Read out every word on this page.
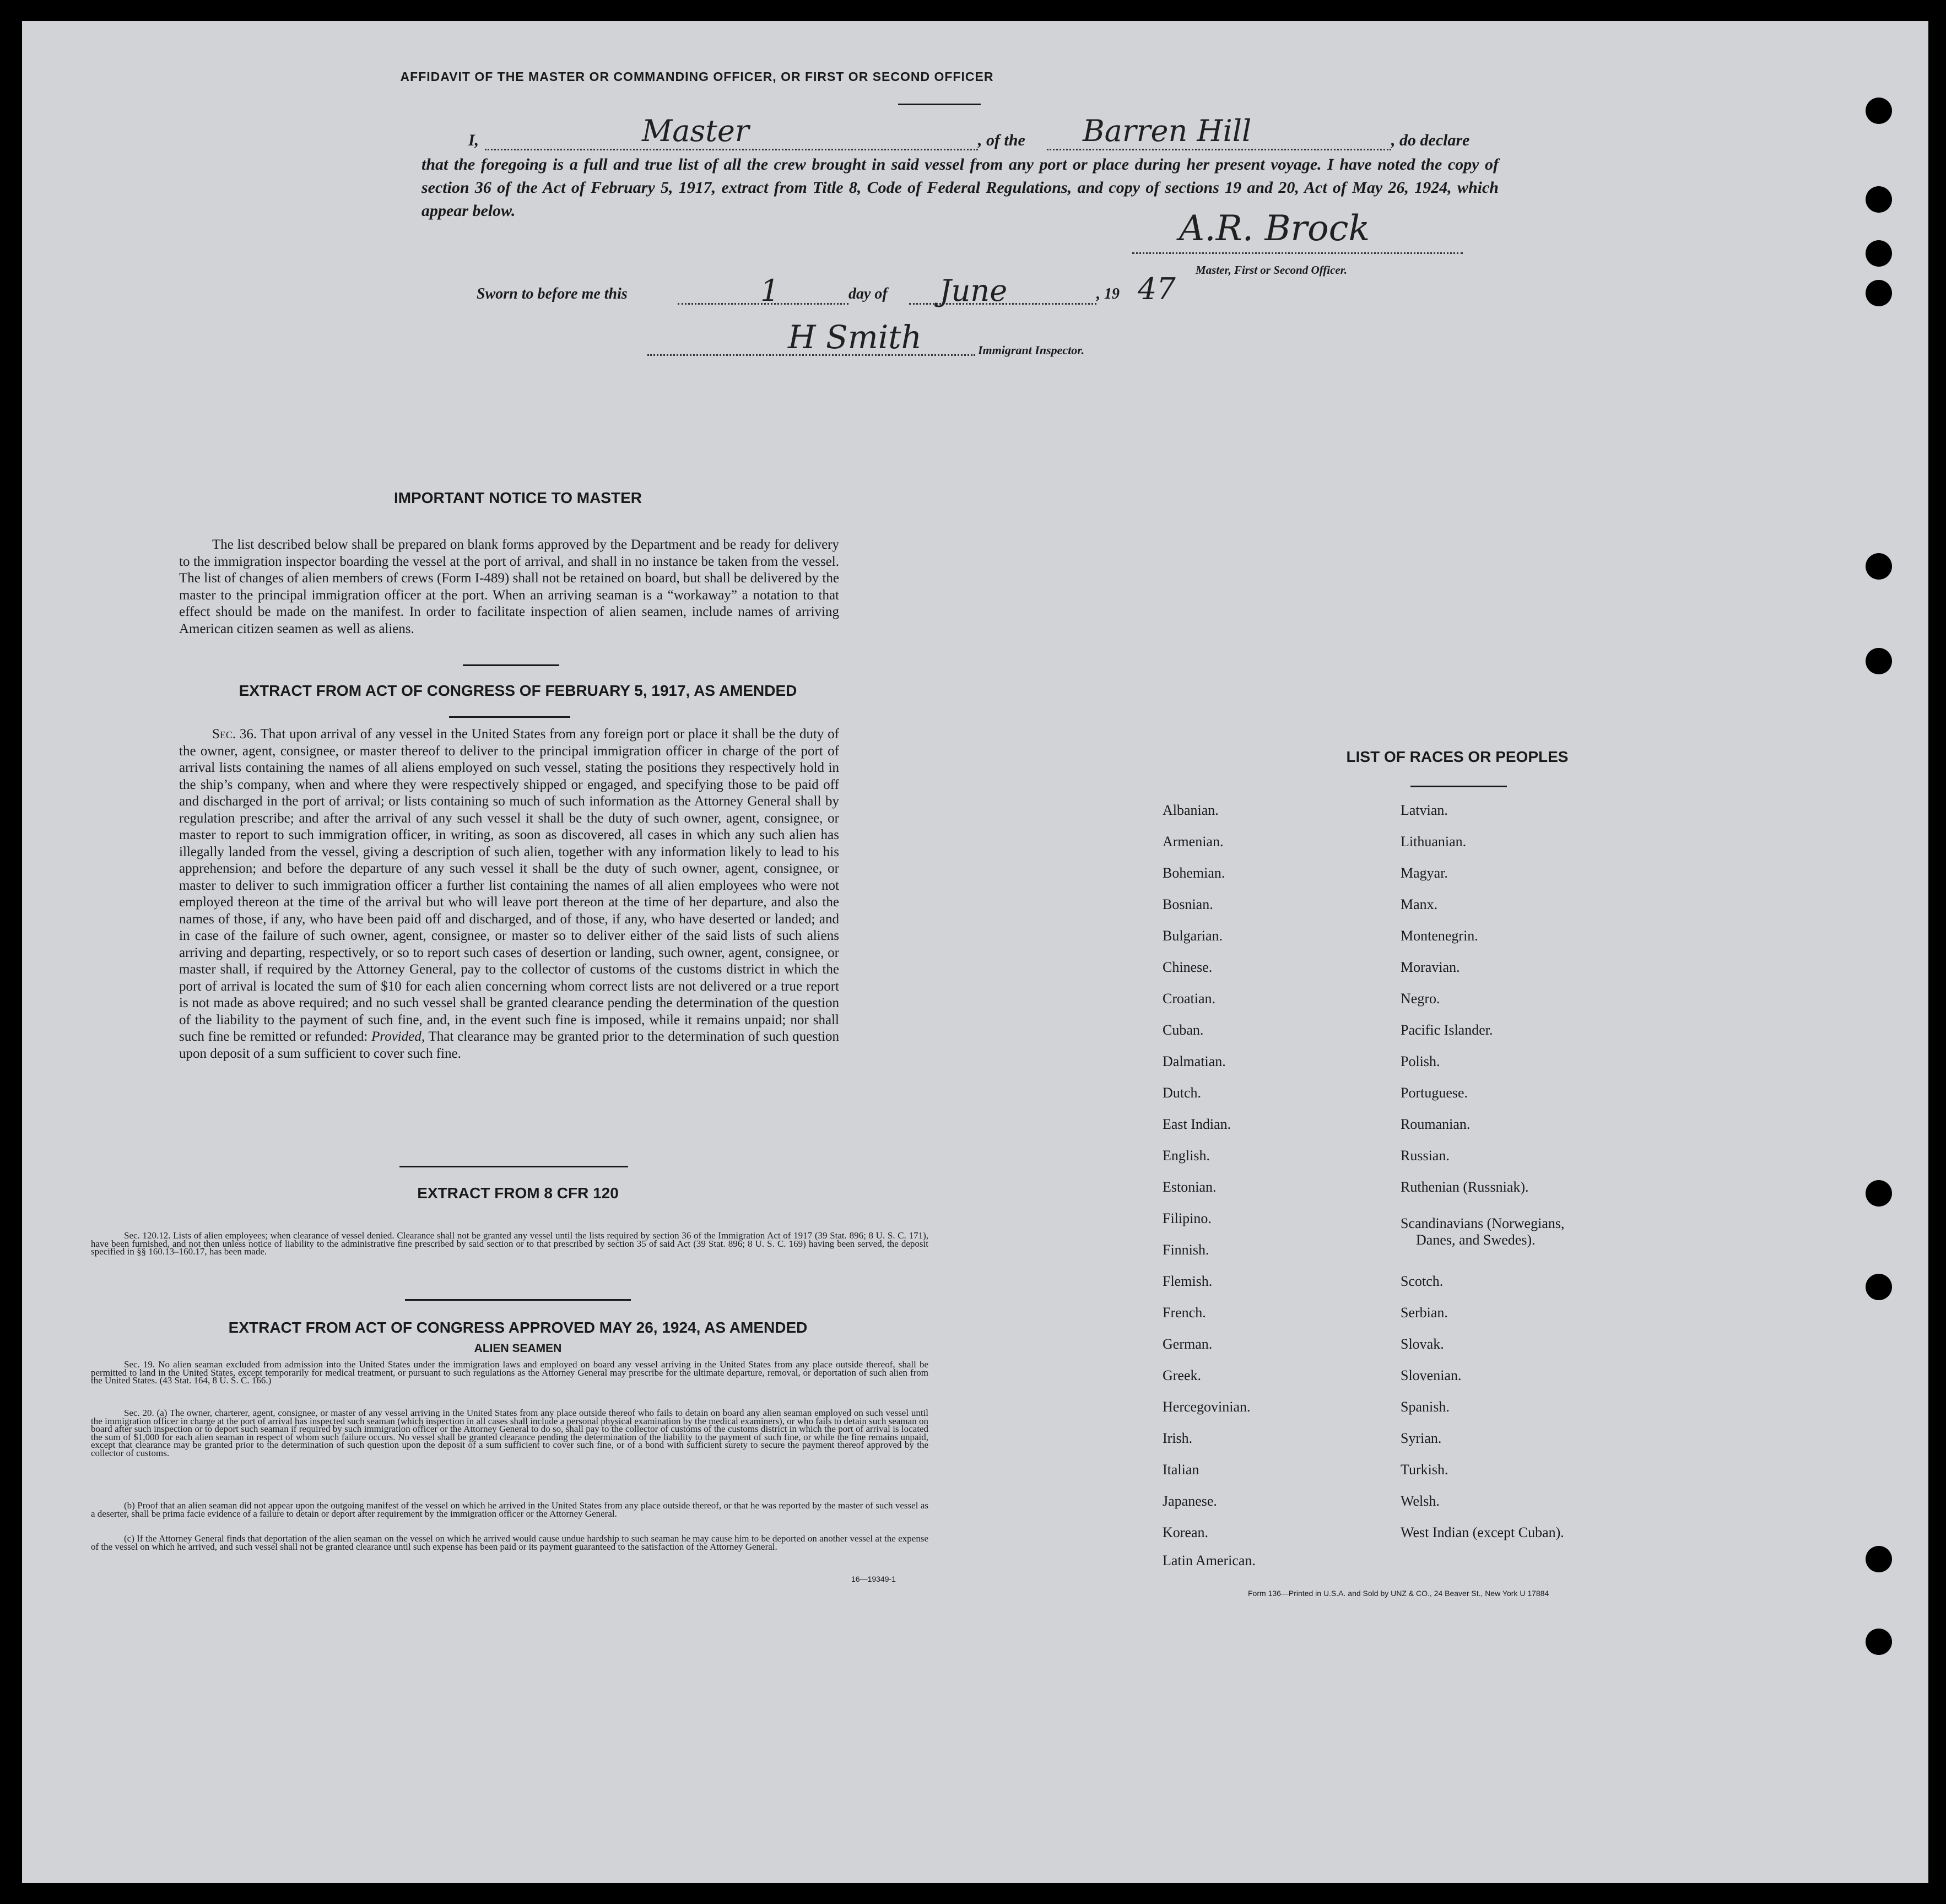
AFFIDAVIT OF THE MASTER OR COMMANDING OFFICER, OR FIRST OR SECOND OFFICER
I,	Master	, of the Barren Hill	, do declare
that the foregoing is a full and true list of all the crew brought in said vessel from any port or place during her present voyage. I have noted the copy of section 36 of the Act of February 5, 1917, extract from Title 8, Code of Federal Regulations, and copy of sections 19 and 20, Act of May 26, 1924, which appear below.	A.R. Brock
Master, First or Second Officer.
Sworn to before me this	1	day of June	, 19 47
H Smith	Immigrant Inspector.
IMPORTANT NOTICE TO MASTER
The list described below shall be prepared on blank forms approved by the Department and be ready for delivery to the immigration inspector boarding the vessel at the port of arrival, and shall in no instance be taken from the vessel. The list of changes of alien members of crews (Form I-489) shall not be retained on board, but shall be delivered by the master to the principal immigration officer at the port. When an arriving seaman is a “workaway” a notation to that effect should be made on the manifest. In order to facilitate inspection of alien seamen, include names of arriving American citizen seamen as well as aliens.
EXTRACT FROM ACT OF CONGRESS OF FEBRUARY 5, 1917, AS AMENDED
Sec. 36. That upon arrival of any vessel in the United States from any foreign port or place it shall be the duty of the owner, agent, consignee, or master thereof to deliver to the principal immigration officer in charge of the port of arrival lists containing the names of all aliens employed on such vessel, stating the positions they respectively hold in the ship’s company, when and where they were respectively shipped or engaged, and specifying those to be paid off and discharged in the port of arrival; or lists containing so much of such information as the Attorney General shall by regulation prescribe; and after the arrival of any such vessel it shall be the duty of such owner, agent, consignee, or master to report to such immigration officer, in writing, as soon as discovered, all cases in which any such alien has illegally landed from the vessel, giving a description of such alien, together with any information likely to lead to his apprehension; and before the departure of any such vessel it shall be the duty of such owner, agent, consignee, or master to deliver to such immigration officer a further list containing the names of all alien employees who were not employed thereon at the time of the arrival but who will leave port thereon at the time of her departure, and also the names of those, if any, who have been paid off and discharged, and of those, if any, who have deserted or landed; and in case of the failure of such owner, agent, consignee, or master so to deliver either of the said lists of such aliens arriving and departing, respectively, or so to report such cases of desertion or landing, such owner, agent, consignee, or master shall, if required by the Attorney General, pay to the collector of customs of the customs district in which the port of arrival is located the sum of $10 for each alien concerning whom correct lists are not delivered or a true report is not made as above required; and no such vessel shall be granted clearance pending the determination of the question of the liability to the payment of such fine, and, in the event such fine is imposed, while it remains unpaid; nor shall such fine be remitted or refunded: Provided, That clearance may be granted prior to the determination of such question upon deposit of a sum sufficient to cover such fine.
EXTRACT FROM 8 CFR 120
Sec. 120.12. Lists of alien employees; when clearance of vessel denied. Clearance shall not be granted any vessel until the lists required by section 36 of the Immigration Act of 1917 (39 Stat. 896; 8 U. S. C. 171), have been furnished, and not then unless notice of liability to the administrative fine prescribed by said section or to that prescribed by section 35 of said Act (39 Stat. 896; 8 U. S. C. 169) having been served, the deposit specified in §§ 160.13–160.17, has been made.
EXTRACT FROM ACT OF CONGRESS APPROVED MAY 26, 1924, AS AMENDED
ALIEN SEAMEN
Sec. 19. No alien seaman excluded from admission into the United States under the immigration laws and employed on board any vessel arriving in the United States from any place outside thereof, shall be permitted to land in the United States, except temporarily for medical treatment, or pursuant to such regulations as the Attorney General may prescribe for the ultimate departure, removal, or deportation of such alien from the United States. (43 Stat. 164, 8 U. S. C. 166.)
Sec. 20. (a) The owner, charterer, agent, consignee, or master of any vessel arriving in the United States from any place outside thereof who fails to detain on board any alien seaman employed on such vessel until the immigration officer in charge at the port of arrival has inspected such seaman (which inspection in all cases shall include a personal physical examination by the medical examiners), or who fails to detain such seaman on board after such inspection or to deport such seaman if required by such immigration officer or the Attorney General to do so, shall pay to the collector of customs of the customs district in which the port of arrival is located the sum of $1,000 for each alien seaman in respect of whom such failure occurs. No vessel shall be granted clearance pending the determination of the liability to the payment of such fine, or while the fine remains unpaid, except that clearance may be granted prior to the determination of such question upon the deposit of a sum sufficient to cover such fine, or of a bond with sufficient surety to secure the payment thereof approved by the collector of customs.
(b) Proof that an alien seaman did not appear upon the outgoing manifest of the vessel on which he arrived in the United States from any place outside thereof, or that he was reported by the master of such vessel as a deserter, shall be prima facie evidence of a failure to detain or deport after requirement by the immigration officer or the Attorney General.
(c) If the Attorney General finds that deportation of the alien seaman on the vessel on which he arrived would cause undue hardship to such seaman he may cause him to be deported on another vessel at the expense of the vessel on which he arrived, and such vessel shall not be granted clearance until such expense has been paid or its payment guaranteed to the satisfaction of the Attorney General.
16—19349-1
LIST OF RACES OR PEOPLES
Albanian.
Armenian.
Bohemian.
Bosnian.
Bulgarian.
Chinese.
Croatian.
Cuban.
Dalmatian.
Dutch.
East Indian.
English.
Estonian.
Filipino.
Finnish.
Flemish.
French.
German.
Greek.
Hercegovinian.
Irish.
Italian
Japanese.
Korean.
Latin American.
Latvian.
Lithuanian.
Magyar.
Manx.
Montenegrin.
Moravian.
Negro.
Pacific Islander.
Polish.
Portuguese.
Roumanian.
Russian.
Ruthenian (Russniak).
Scandinavians (Norwegians,
Danes, and Swedes).
Scotch.
Serbian.
Slovak.
Slovenian.
Spanish.
Syrian.
Turkish.
Welsh.
West Indian (except Cuban).
Form 136—Printed in U.S.A. and Sold by UNZ & CO., 24 Beaver St., New York U 17884
